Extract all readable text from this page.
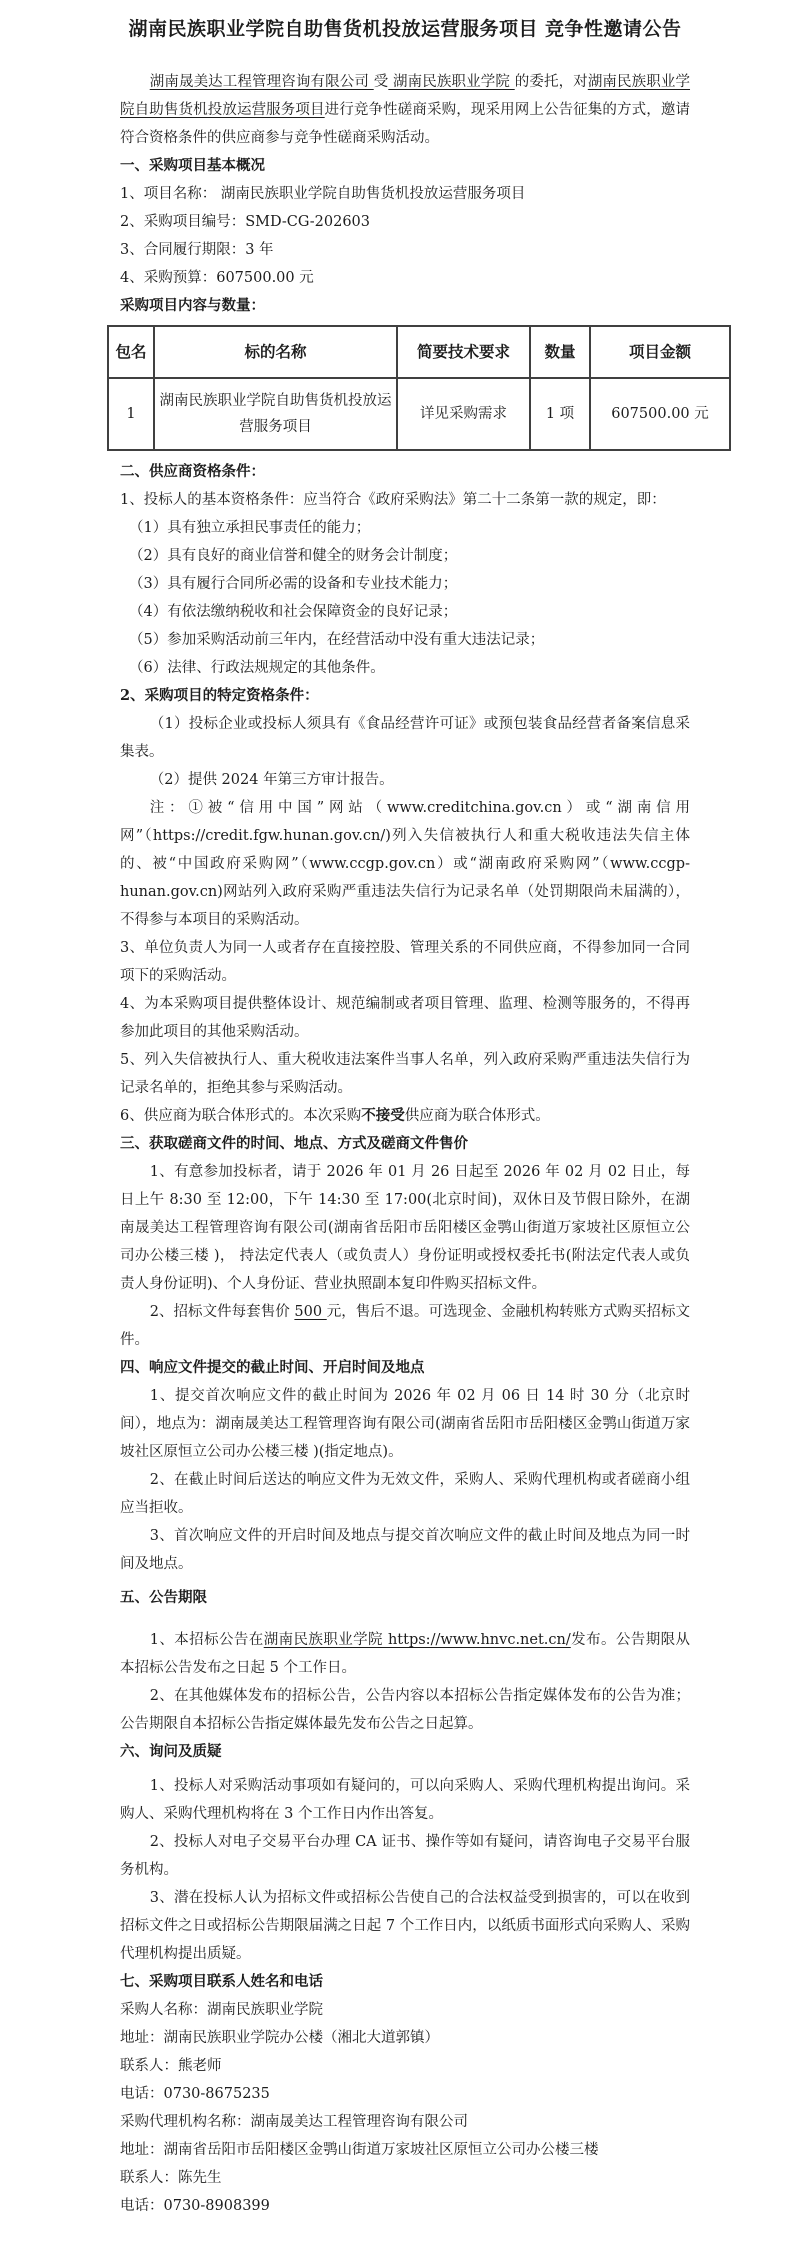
湖南民族职业学院自助售货机投放运营服务项目 竞争性邀请公告

湖南晟美达工程管理咨询有限公司 受 湖南民族职业学院 的委托，对湖南民族职业学院自助售货机投放运营服务项目进行竞争性磋商采购，现采用网上公告征集的方式，邀请符合资格条件的供应商参与竞争性磋商采购活动。

一、采购项目基本概况

1、项目名称： 湖南民族职业学院自助售货机投放运营服务项目

2、采购项目编号：SMD-CG-202603

3、合同履行期限：3 年

4、采购预算：607500.00 元

采购项目内容与数量：

包名	标的名称	简要技术要求	数量	项目金额
1	湖南民族职业学院自助售货机投放运营服务项目	详见采购需求	1 项	607500.00 元

二、供应商资格条件：

1、投标人的基本资格条件：应当符合《政府采购法》第二十二条第一款的规定，即：

（1）具有独立承担民事责任的能力；

（2）具有良好的商业信誉和健全的财务会计制度；

（3）具有履行合同所必需的设备和专业技术能力；

（4）有依法缴纳税收和社会保障资金的良好记录；

（5）参加采购活动前三年内，在经营活动中没有重大违法记录；

（6）法律、行政法规规定的其他条件。

2、采购项目的特定资格条件：

（1）投标企业或投标人须具有《食品经营许可证》或预包装食品经营者备案信息采集表。

（2）提供 2024 年第三方审计报告。

注：①被“信用中国”网站（www.creditchina.gov.cn）或“湖南信用网”（https://credit.fgw.hunan.gov.cn/)列入失信被执行人和重大税收违法失信主体的、被“中国政府采购网”（www.ccgp.gov.cn）或“湖南政府采购网”（www.ccgp-hunan.gov.cn)网站列入政府采购严重违法失信行为记录名单（处罚期限尚未届满的），不得参与本项目的采购活动。

3、单位负责人为同一人或者存在直接控股、管理关系的不同供应商，不得参加同一合同项下的采购活动。

4、为本采购项目提供整体设计、规范编制或者项目管理、监理、检测等服务的，不得再参加此项目的其他采购活动。

5、列入失信被执行人、重大税收违法案件当事人名单，列入政府采购严重违法失信行为记录名单的，拒绝其参与采购活动。

6、供应商为联合体形式的。本次采购不接受供应商为联合体形式。

三、获取磋商文件的时间、地点、方式及磋商文件售价

1、有意参加投标者，请于 2026 年 01 月 26 日起至 2026 年 02 月 02 日止，每日上午 8:30 至 12:00，下午 14:30 至 17:00(北京时间)，双休日及节假日除外，在湖南晟美达工程管理咨询有限公司(湖南省岳阳市岳阳楼区金鹗山街道万家坡社区原恒立公司办公楼三楼 )， 持法定代表人（或负责人）身份证明或授权委托书(附法定代表人或负责人身份证明)、个人身份证、营业执照副本复印件购买招标文件。

2、招标文件每套售价 500 元，售后不退。可选现金、金融机构转账方式购买招标文件。

四、响应文件提交的截止时间、开启时间及地点

1、提交首次响应文件的截止时间为 2026 年 02 月 06 日 14 时 30 分（北京时间），地点为：湖南晟美达工程管理咨询有限公司(湖南省岳阳市岳阳楼区金鹗山街道万家坡社区原恒立公司办公楼三楼 )(指定地点)。

2、在截止时间后送达的响应文件为无效文件，采购人、采购代理机构或者磋商小组应当拒收。

3、首次响应文件的开启时间及地点与提交首次响应文件的截止时间及地点为同一时间及地点。

五、公告期限

1、本招标公告在湖南民族职业学院 https://www.hnvc.net.cn/发布。公告期限从本招标公告发布之日起 5 个工作日。

2、在其他媒体发布的招标公告，公告内容以本招标公告指定媒体发布的公告为准；公告期限自本招标公告指定媒体最先发布公告之日起算。

六、询问及质疑

1、投标人对采购活动事项如有疑问的，可以向采购人、采购代理机构提出询问。采购人、采购代理机构将在 3 个工作日内作出答复。

2、投标人对电子交易平台办理 CA 证书、操作等如有疑问，请咨询电子交易平台服务机构。

3、潜在投标人认为招标文件或招标公告使自己的合法权益受到损害的，可以在收到招标文件之日或招标公告期限届满之日起 7 个工作日内，以纸质书面形式向采购人、采购代理机构提出质疑。

七、采购项目联系人姓名和电话

采购人名称：湖南民族职业学院

地址：湖南民族职业学院办公楼（湘北大道郭镇）

联系人：熊老师

电话：0730-8675235

采购代理机构名称：湖南晟美达工程管理咨询有限公司

地址：湖南省岳阳市岳阳楼区金鹗山街道万家坡社区原恒立公司办公楼三楼

联系人：陈先生

电话：0730-8908399
